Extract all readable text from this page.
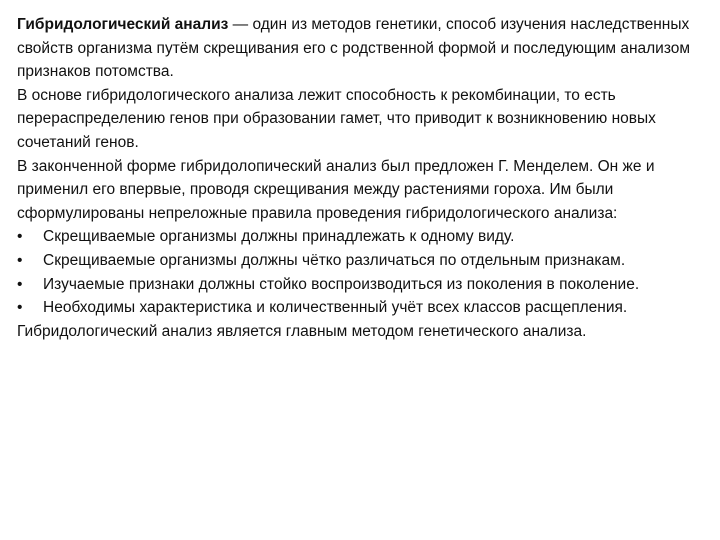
Гибридологический анализ — один из методов генетики, способ изучения наследственных свойств организма путём скрещивания его с родственной формой и последующим анализом признаков потомства.

В основе гибридологического анализа лежит способность к рекомбинации, то есть перераспределению генов при образовании гамет, что приводит к возникновению новых сочетаний генов.

В законченной форме гибридолопический анализ был предложен Г. Менделем. Он же и применил его впервые, проводя скрещивания между растениями гороха. Им были сформулированы непреложные правила проведения гибридологического анализа:

•	Скрещиваемые организмы должны принадлежать к одному виду.
•	Скрещиваемые организмы должны чётко различаться по отдельным признакам.
•	Изучаемые признаки должны стойко воспроизводиться из поколения в поколение.
•	Необходимы характеристика и количественный учёт всех классов расщепления.

Гибридологический анализ является главным методом генетического анализа.
